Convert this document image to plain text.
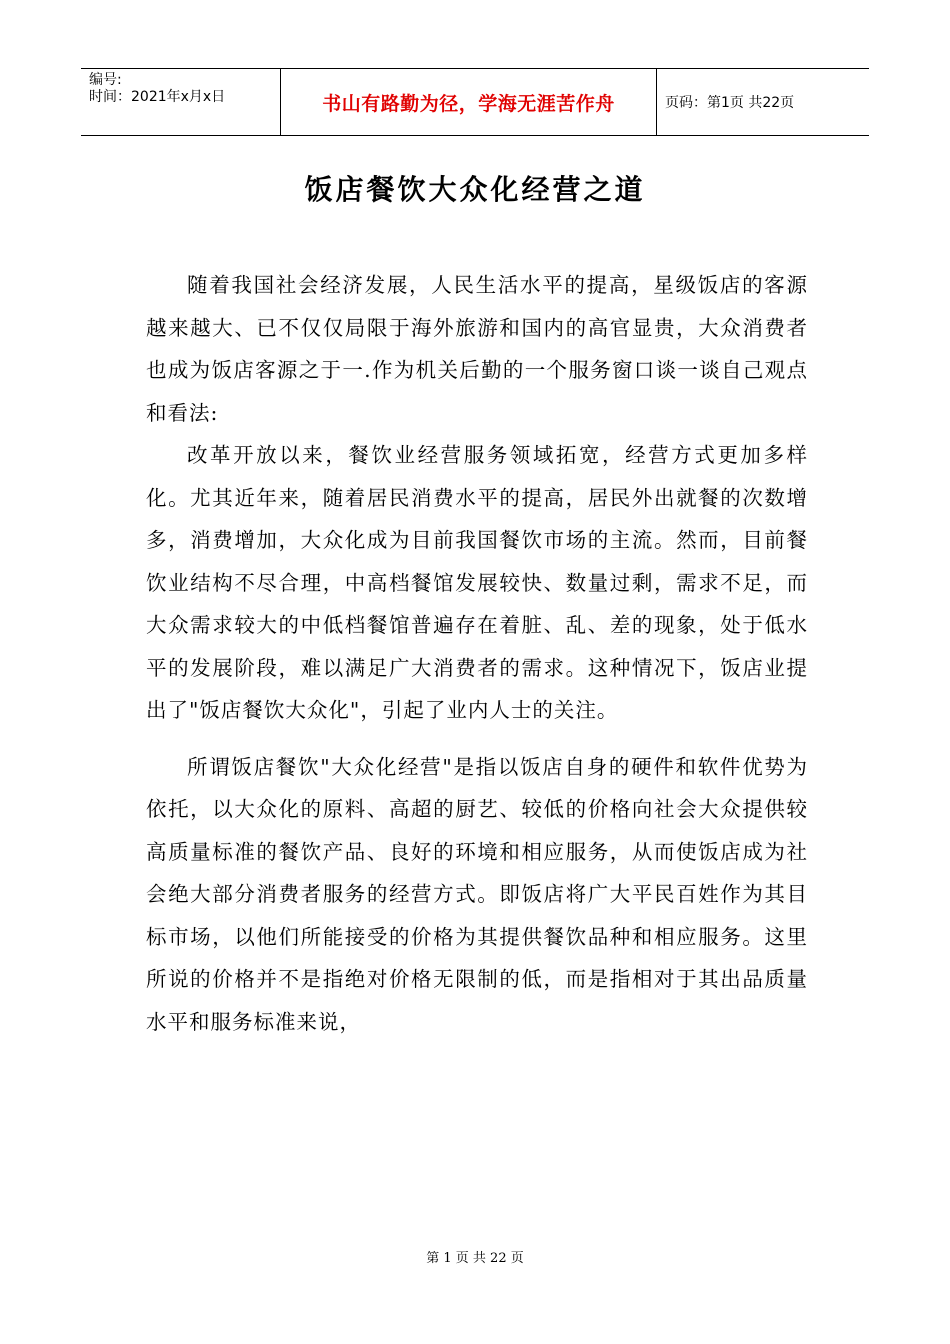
编号:
时间：2021年x月x日	书山有路勤为径，学海无涯苦作舟	页码：第1页 共22页
饭店餐饮大众化经营之道

随着我国社会经济发展，人民生活水平的提高，星级饭店的客源越来越大、已不仅仅局限于海外旅游和国内的高官显贵，大众消费者也成为饭店客源之于一.作为机关后勤的一个服务窗口谈一谈自己观点和看法:

改革开放以来，餐饮业经营服务领域拓宽，经营方式更加多样化。尤其近年来，随着居民消费水平的提高，居民外出就餐的次数增多，消费增加，大众化成为目前我国餐饮市场的主流。然而，目前餐饮业结构不尽合理，中高档餐馆发展较快、数量过剩，需求不足，而大众需求较大的中低档餐馆普遍存在着脏、乱、差的现象，处于低水平的发展阶段，难以满足广大消费者的需求。这种情况下，饭店业提出了"饭店餐饮大众化"，引起了业内人士的关注。

所谓饭店餐饮"大众化经营"是指以饭店自身的硬件和软件优势为依托，以大众化的原料、高超的厨艺、较低的价格向社会大众提供较高质量标准的餐饮产品、良好的环境和相应服务，从而使饭店成为社会绝大部分消费者服务的经营方式。即饭店将广大平民百姓作为其目标市场，以他们所能接受的价格为其提供餐饮品种和相应服务。这里所说的价格并不是指绝对价格无限制的低，而是指相对于其出品质量水平和服务标准来说，

第 1 页 共 22 页
